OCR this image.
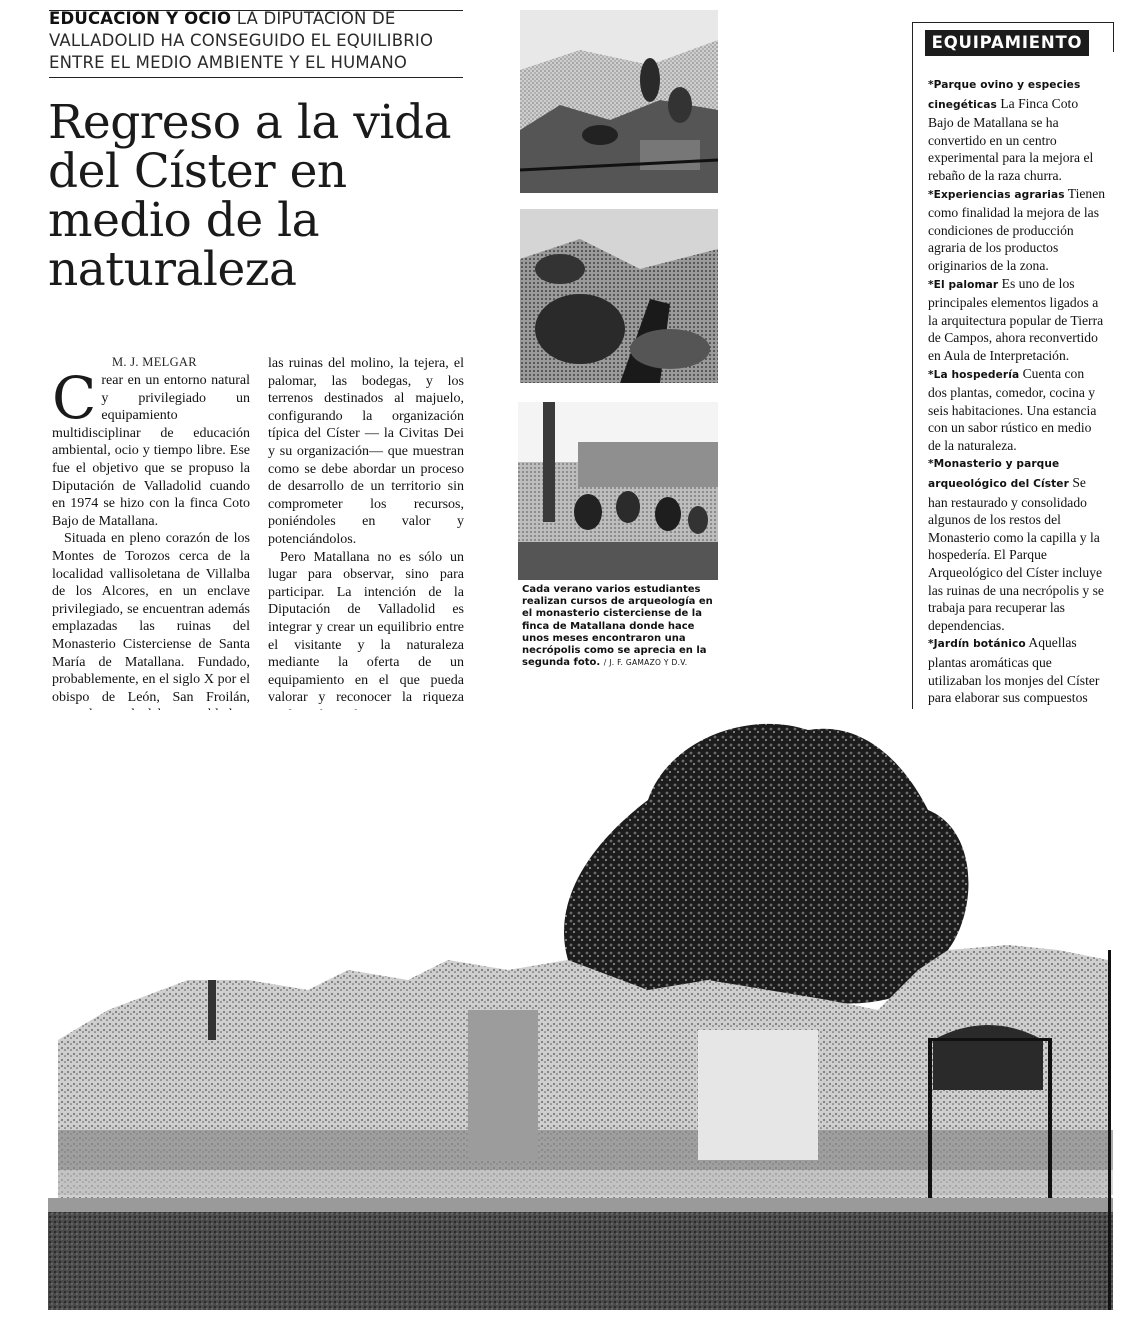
EDUCACION Y OCIO LA DIPUTACION DE VALLADOLID HA CONSEGUIDO EL EQUILIBRIO ENTRE EL MEDIO AMBIENTE Y EL HUMANO
Regreso a la vida del Císter en medio de la naturaleza
M. J. MELGAR

Crear en un entorno natural y privilegiado un equipamiento multidisciplinar de educación ambiental, ocio y tiempo libre. Ese fue el objetivo que se propuso la Diputación de Valladolid cuando en 1974 se hizo con la finca Coto Bajo de Matallana.

Situada en pleno corazón de los Montes de Torozos cerca de la localidad vallisoletana de Villalba de los Alcores, en un enclave privilegiado, se encuentran además emplazadas las ruinas del Monasterio Cisterciense de Santa María de Matallana. Fundado, probablemente, en el siglo X por el obispo de León, San Froilán,

las ruinas del molino, la tejera, el palomar, las bodegas, y los terrenos destinados al majuelo, configurando la organización típica del Císter — la Civitas Dei y su organización— que muestran como se debe abordar un proceso de desarrollo de un territorio sin comprometer los recursos, poniéndoles en valor y potenciándolos.

Pero Matallana no es sólo un lugar para observar, sino para participar. La intención de la Diputación de Valladolid es integrar y crear un equilibrio entre el visitante y la naturaleza mediante la oferta de un equipamiento en el que pueda valorar y reconocer la riqueza

Cada verano varios estudiantes realizan cursos de arqueología en el monasterio cisterciense de la finca de Matallana donde hace unos meses encontraron una necrópolis como se aprecia en la segunda foto. / J. F. GAMAZO Y D.V.
EQUIPAMIENTO

*Parque ovino y especies cinegéticas La Finca Coto Bajo de Matallana se ha convertido en un centro experimental para la mejora el rebaño de la raza churra.

*Experiencias agrarias Tienen como finalidad la mejora de las condiciones de producción agraria de los productos originarios de la zona.

*El palomar Es uno de los principales elementos ligados a la arquitectura popular de Tierra de Campos, ahora reconvertido en Aula de Interpretación.

*La hospedería Cuenta con dos plantas, comedor, cocina y seis habitaciones. Una estancia con un sabor rústico en medio de la naturaleza.

*Monasterio y parque arqueológico del Císter Se han restaurado y consolidado algunos de los restos del Monasterio como la capilla y la hospedería. El Parque Arqueológico del Císter incluye las ruinas de una necrópolis y se trabaja para recuperar las dependencias.

*Jardín botánico Aquellas plantas aromáticas que utilizaban los monjes del Císter para elaborar sus compuestos
